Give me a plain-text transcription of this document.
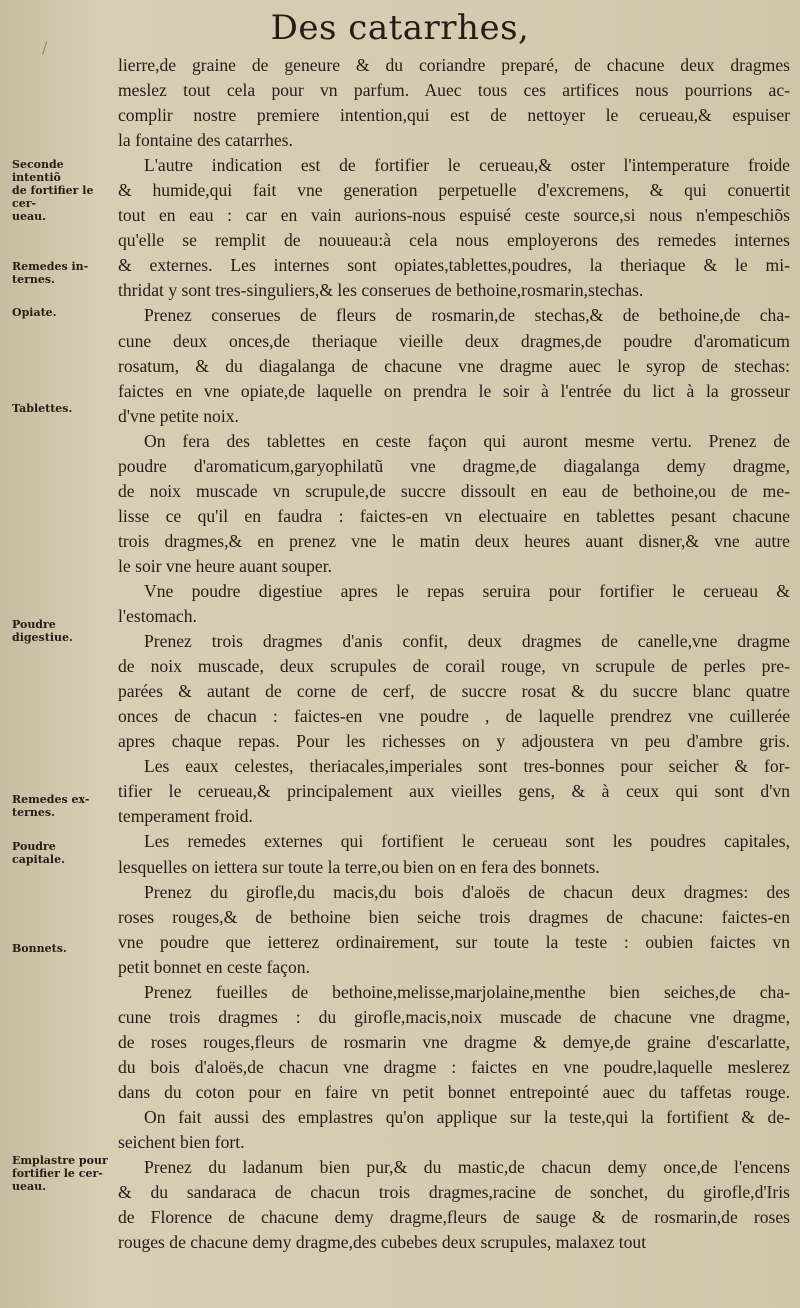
Des catarrhes,
/
Seconde intentiõ
de fortifier le cer-
ueau.
Remedes in-
ternes.
Opiate.
Tablettes.
Poudre digestiue.
Remedes ex-
ternes.
Poudre capitale.
Bonnets.
Emplastre pour
fortifier le cer-
ueau.
lierre,de graine de geneure & du coriandre preparé, de chacune deux dragmes
meslez tout cela pour vn parfum. Auec tous ces artifices nous pourrions ac-
complir nostre premiere intention,qui est de nettoyer le cerueau,& espuiser
la fontaine des catarrhes.
L'autre indication est de fortifier le cerueau,& oster l'intemperature froide
& humide,qui fait vne generation perpetuelle d'excremens, & qui conuertit
tout en eau : car en vain aurions-nous espuisé ceste source,si nous n'empeschiõs
qu'elle se remplit de nouueau:à cela nous employerons des remedes internes
& externes. Les internes sont opiates,tablettes,poudres, la theriaque & le mi-
thridat y sont tres-singuliers,& les conserues de bethoine,rosmarin,stechas.
Prenez conserues de fleurs de rosmarin,de stechas,& de bethoine,de cha-
cune deux onces,de theriaque vieille deux dragmes,de poudre d'aromaticum
rosatum, & du diagalanga de chacune vne dragme auec le syrop de stechas:
faictes en vne opiate,de laquelle on prendra le soir à l'entrée du lict à la grosseur
d'vne petite noix.
On fera des tablettes en ceste façon qui auront mesme vertu. Prenez de
poudre d'aromaticum,garyophilatũ vne dragme,de diagalanga demy dragme,
de noix muscade vn scrupule,de succre dissoult en eau de bethoine,ou de me-
lisse ce qu'il en faudra : faictes-en vn electuaire en tablettes pesant chacune
trois dragmes,& en prenez vne le matin deux heures auant disner,& vne autre
le soir vne heure auant souper.
Vne poudre digestiue apres le repas seruira pour fortifier le cerueau &
l'estomach.
Prenez trois dragmes d'anis confit, deux dragmes de canelle,vne dragme
de noix muscade, deux scrupules de corail rouge, vn scrupule de perles pre-
parées & autant de corne de cerf, de succre rosat & du succre blanc quatre
onces de chacun : faictes-en vne poudre , de laquelle prendrez vne cuillerée
apres chaque repas. Pour les richesses on y adjoustera vn peu d'ambre gris.
Les eaux celestes, theriacales,imperiales sont tres-bonnes pour seicher & for-
tifier le cerueau,& principalement aux vieilles gens, & à ceux qui sont d'vn
temperament froid.
Les remedes externes qui fortifient le cerueau sont les poudres capitales,
lesquelles on iettera sur toute la terre,ou bien on en fera des bonnets.
Prenez du girofle,du macis,du bois d'aloës de chacun deux dragmes: des
roses rouges,& de bethoine bien seiche trois dragmes de chacune: faictes-en
vne poudre que ietterez ordinairement, sur toute la teste : oubien faictes vn
petit bonnet en ceste façon.
Prenez fueilles de bethoine,melisse,marjolaine,menthe bien seiches,de cha-
cune trois dragmes : du girofle,macis,noix muscade de chacune vne dragme,
de roses rouges,fleurs de rosmarin vne dragme & demye,de graine d'escarlatte,
du bois d'aloës,de chacun vne dragme : faictes en vne poudre,laquelle meslerez
dans du coton pour en faire vn petit bonnet entrepointé auec du taffetas rouge.
On fait aussi des emplastres qu'on applique sur la teste,qui la fortifient & de-
seichent bien fort.
Prenez du ladanum bien pur,& du mastic,de chacun demy once,de l'encens
& du sandaraca de chacun trois dragmes,racine de sonchet, du girofle,d'Iris
de Florence de chacune demy dragme,fleurs de sauge & de rosmarin,de roses
rouges de chacune demy dragme,des cubebes deux scrupules, malaxez tout
